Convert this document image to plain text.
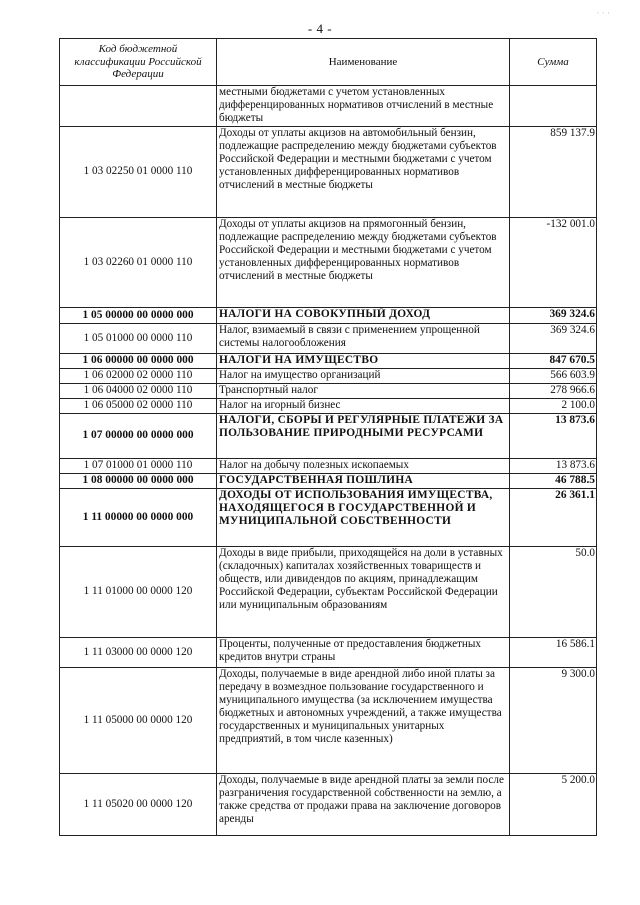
· · ·
- 4 -
Код бюджетной классификации Российской Федерации	Наименование	Сумма
	местными бюджетами с учетом установленных дифференцированных нормативов отчислений в местные бюджеты	
1 03 02250 01 0000 110	Доходы от уплаты акцизов на автомобильный бензин, подлежащие распределению между бюджетами субъектов Российской Федерации и местными бюджетами с учетом установленных дифференцированных нормативов отчислений в местные бюджеты	859 137.9
1 03 02260 01 0000 110	Доходы от уплаты акцизов на прямогонный бензин, подлежащие распределению между бюджетами субъектов Российской Федерации и местными бюджетами с учетом установленных дифференцированных нормативов отчислений в местные бюджеты	-132 001.0
1 05 00000 00 0000 000	НАЛОГИ НА СОВОКУПНЫЙ ДОХОД	369 324.6
1 05 01000 00 0000 110	Налог, взимаемый в связи с применением упрощенной системы налогообложения	369 324.6
1 06 00000 00 0000 000	НАЛОГИ НА ИМУЩЕСТВО	847 670.5
1 06 02000 02 0000 110	Налог на имущество организаций	566 603.9
1 06 04000 02 0000 110	Транспортный налог	278 966.6
1 06 05000 02 0000 110	Налог на игорный бизнес	2 100.0
1 07 00000 00 0000 000	НАЛОГИ, СБОРЫ И РЕГУЛЯРНЫЕ ПЛАТЕЖИ ЗА ПОЛЬЗОВАНИЕ ПРИРОДНЫМИ РЕСУРСАМИ	13 873.6
1 07 01000 01 0000 110	Налог на добычу полезных ископаемых	13 873.6
1 08 00000 00 0000 000	ГОСУДАРСТВЕННАЯ ПОШЛИНА	46 788.5
1 11 00000 00 0000 000	ДОХОДЫ ОТ ИСПОЛЬЗОВАНИЯ ИМУЩЕСТВА, НАХОДЯЩЕГОСЯ В ГОСУДАРСТВЕННОЙ И МУНИЦИПАЛЬНОЙ СОБСТВЕННОСТИ	26 361.1
1 11 01000 00 0000 120	Доходы в виде прибыли, приходящейся на доли в уставных (складочных) капиталах хозяйственных товариществ и обществ, или дивидендов по акциям, принадлежащим Российской Федерации, субъектам Российской Федерации или муниципальным образованиям	50.0
1 11 03000 00 0000 120	Проценты, полученные от предоставления бюджетных кредитов внутри страны	16 586.1
1 11 05000 00 0000 120	Доходы, получаемые в виде арендной либо иной платы за передачу в возмездное пользование государственного и муниципального имущества (за исключением имущества бюджетных и автономных учреждений, а также имущества государственных и муниципальных унитарных предприятий, в том числе казенных)	9 300.0
1 11 05020 00 0000 120	Доходы, получаемые в виде арендной платы за земли после разграничения государственной собственности на землю, а также средства от продажи права на заключение договоров аренды	5 200.0
